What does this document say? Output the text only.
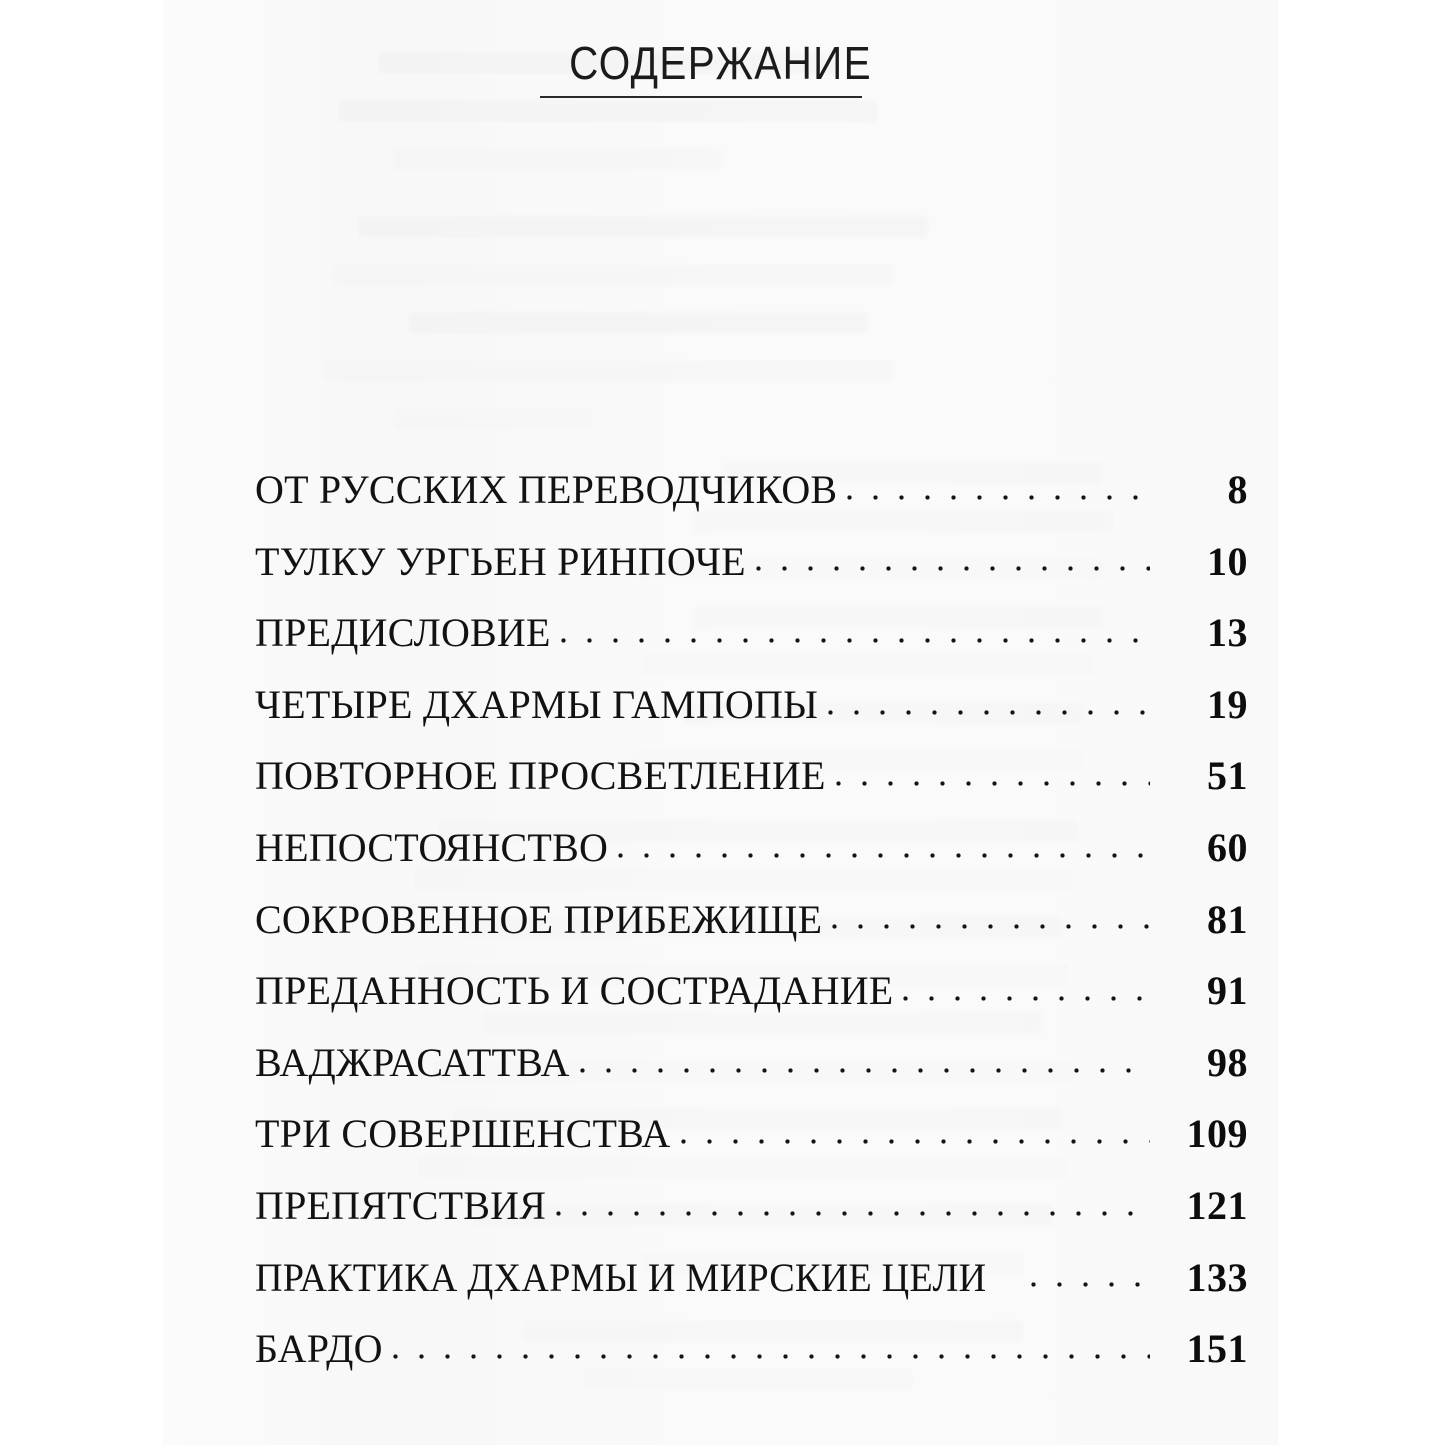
СОДЕРЖАНИЕ
ОТ РУССКИХ ПЕРЕВОДЧИКОВ	8
ТУЛКУ УРГЬЕН РИНПОЧЕ	10
ПРЕДИСЛОВИЕ	13
ЧЕТЫРЕ ДХАРМЫ ГАМПОПЫ	19
ПОВТОРНОЕ ПРОСВЕТЛЕНИЕ	51
НЕПОСТОЯНСТВО	60
СОКРОВЕННОЕ ПРИБЕЖИЩЕ	81
ПРЕДАННОСТЬ И СОСТРАДАНИЕ	91
ВАДЖРАСАТТВА	98
ТРИ СОВЕРШЕНСТВА	109
ПРЕПЯТСТВИЯ	121
ПРАКТИКА ДХАРМЫ И МИРСКИЕ ЦЕЛИ	133
БАРДО	151
